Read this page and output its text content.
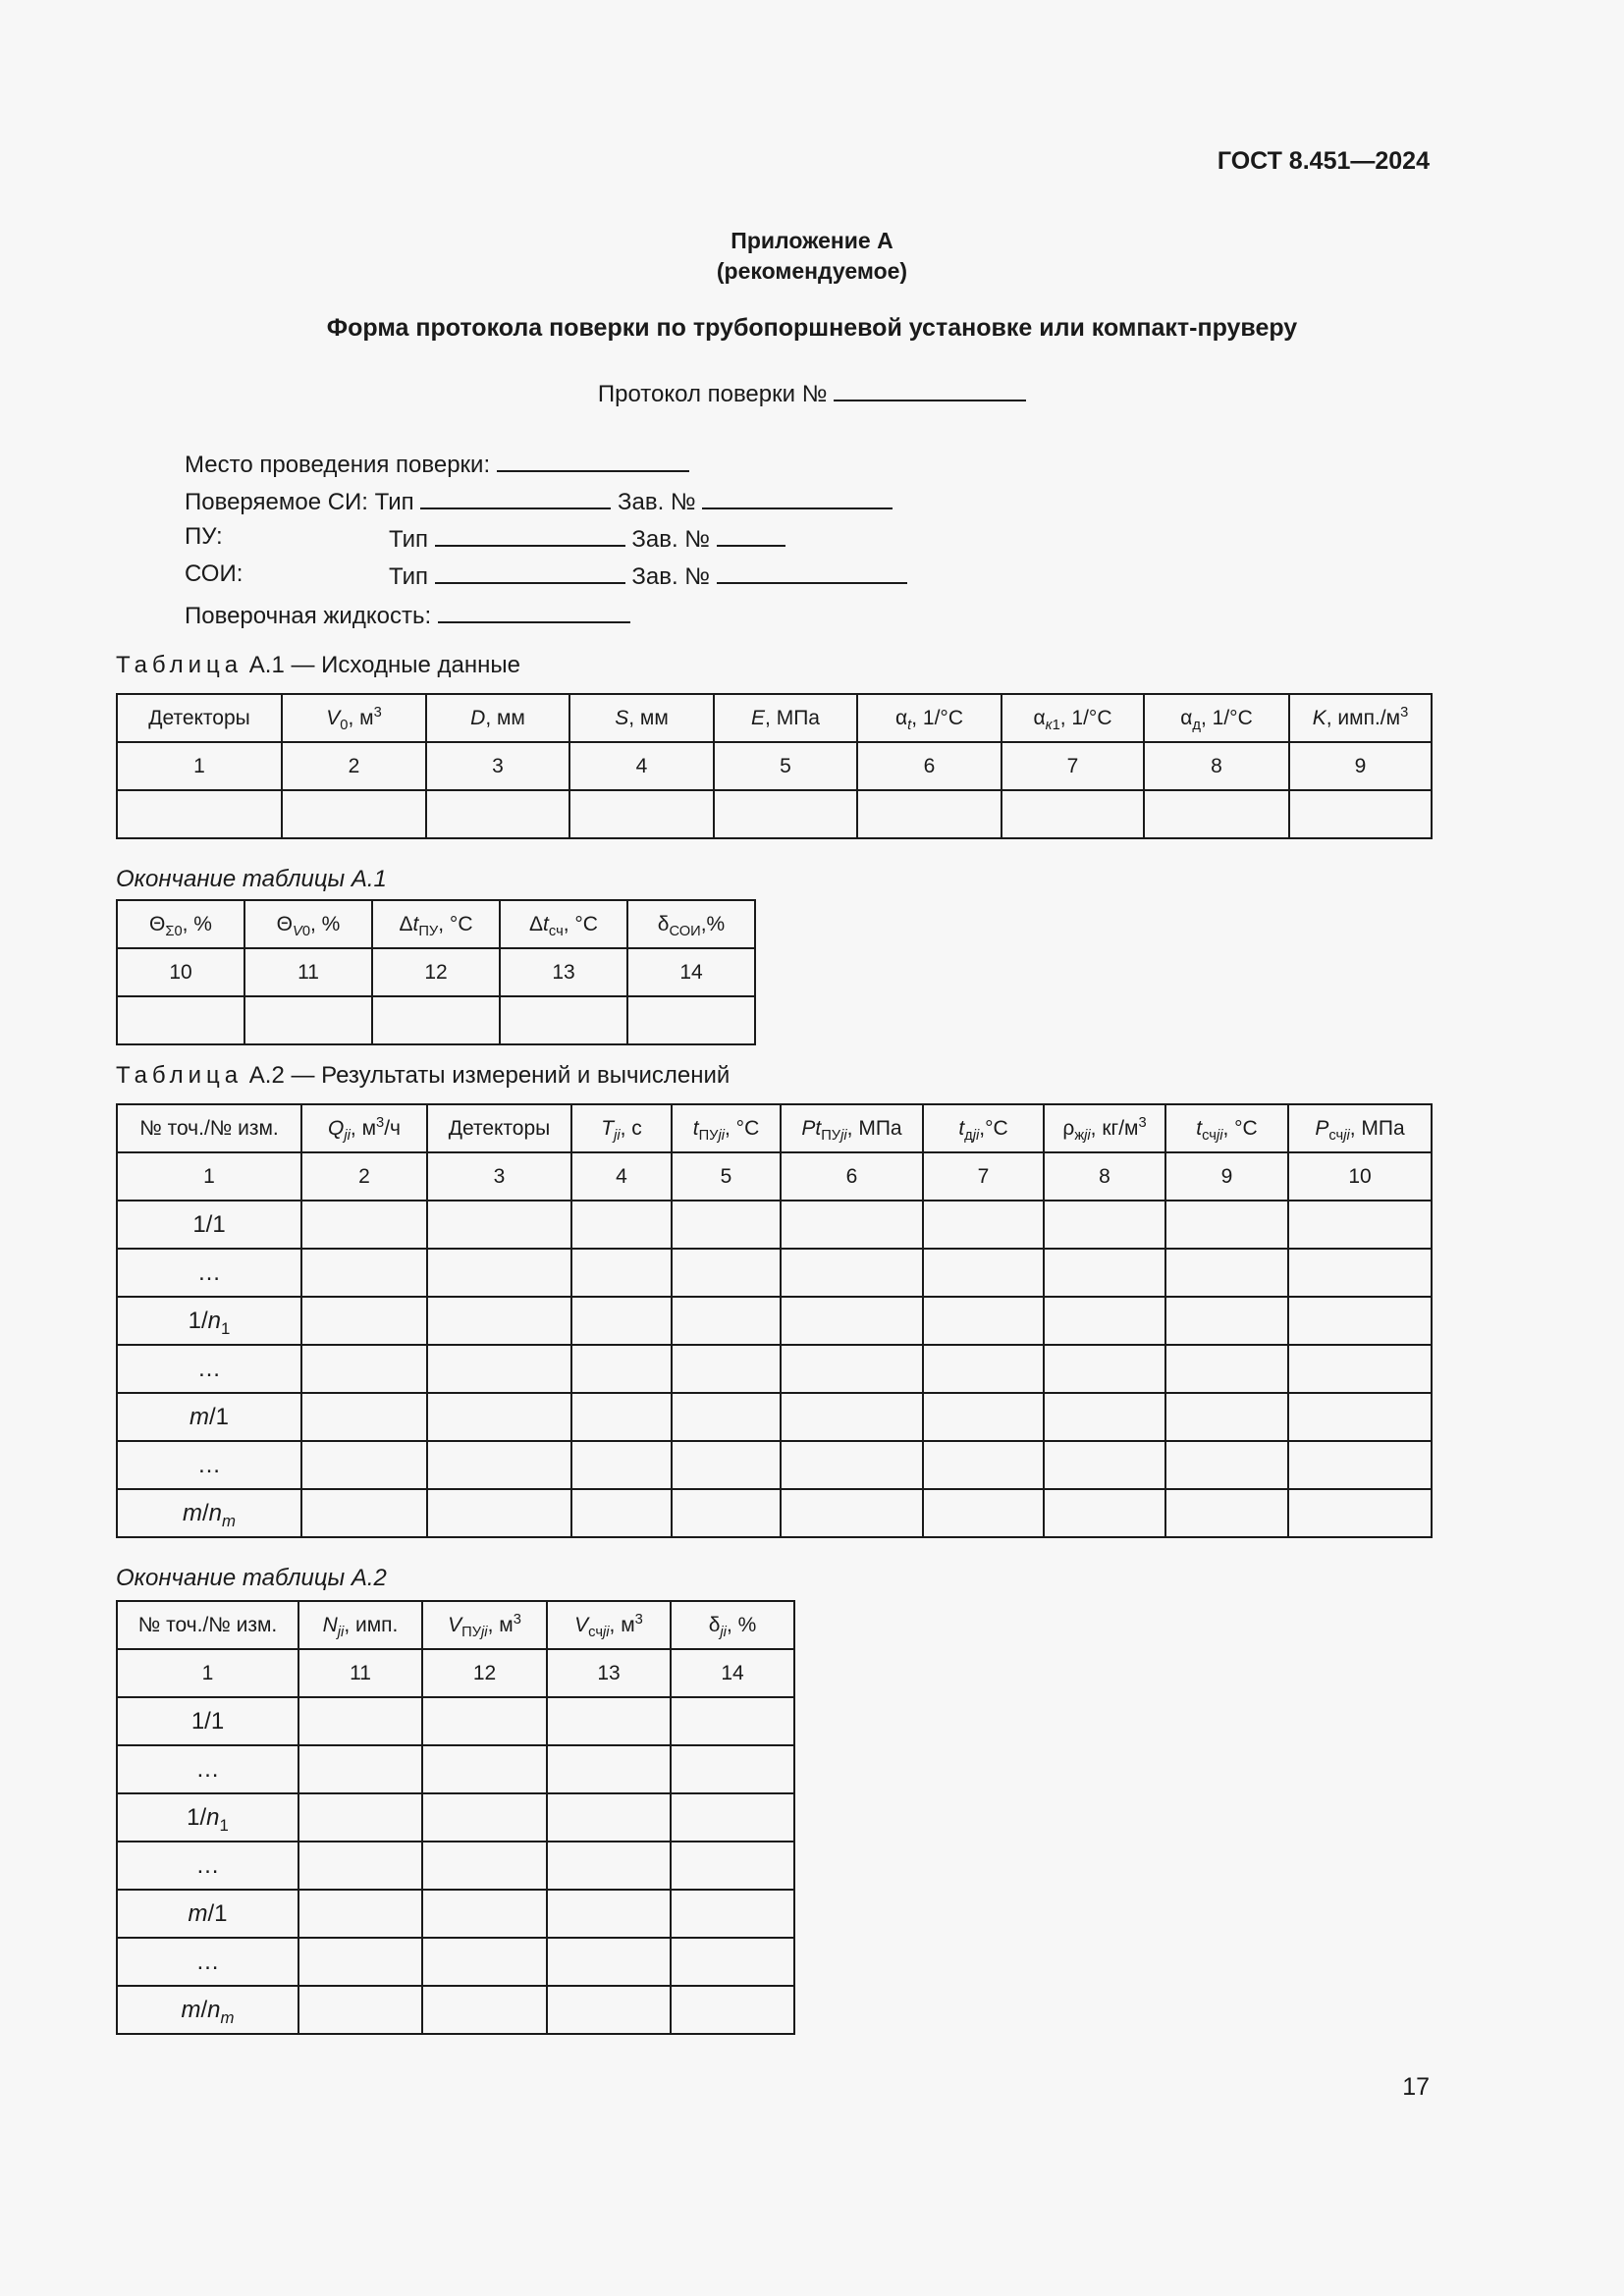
ГОСТ 8.451—2024
Приложение А
(рекомендуемое)
Форма протокола поверки по трубопоршневой установке или компакт-пруверу
Протокол поверки №
Место проведения поверки:
Поверяемое СИ: Тип	Зав. №
ПУ:	Тип	Зав. №
СОИ:	Тип	Зав. №
Поверочная жидкость:
Таблица А.1 — Исходные данные
Детекторы	$V_0$, $м^3$	D, мм	S, мм	E, МПа	$\alpha_t$, 1/°C	$\alpha_{к1}$, 1/°C	$\alpha_д$, 1/°C	K, $имп./м^3$
1	2	3	4	5	6	7	8	9

Окончание таблицы А.1
$\Theta_{\Sigma 0}$, %	$\Theta_{V0}$, %	$\Delta t_{ПУ}$, °C	$\Delta t_{сч}$, °C	$\delta_{СОИ},\%$
10	11	12	13	14

Таблица А.2 — Результаты измерений и вычислений
№ точ./№ изм.	$Q_{ji}$, $м^3/ч$	Детекторы	$T_{ji}$, с	$t_{ПУji}$, °C	$Pt_{ПУji}$, МПа	$t_{дji},^\circ C$	$\rho_{жji}$, $кг/м^3$	$t_{счji}$, °C	$P_{счji}$, МПа
1	2	3	4	5	6	7	8	9	10
1/1									
…									
$1/n_1$									
…									
m/1									
…									
$m/n_m$									
Окончание таблицы А.2
№ точ./№ изм.	$N_{ji}$, имп.	$V_{ПУji}$, $м^3$	$V_{счji}$, $м^3$	$\delta_{ji}$, %
1	11	12	13	14
1/1				
…				
$1/n_1$				
…				
m/1				
…				
$m/n_m$				
17
